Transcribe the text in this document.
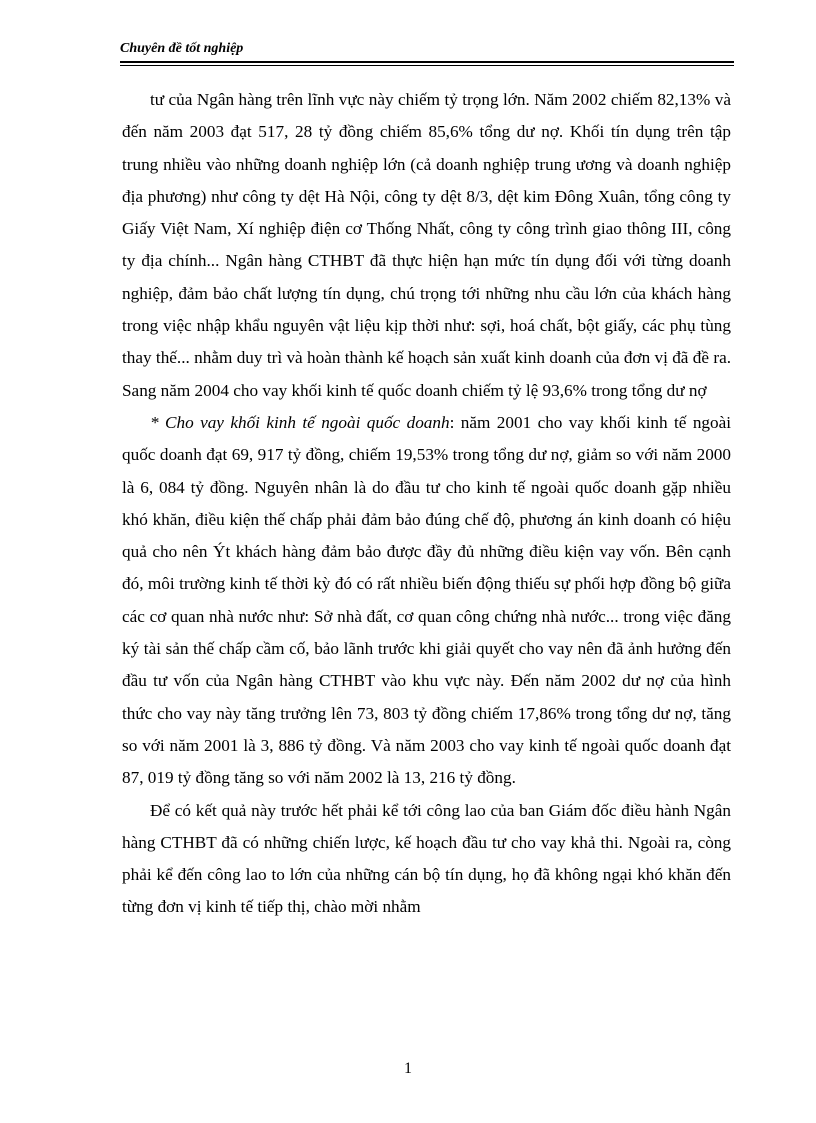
Chuyên đề tốt nghiệp

tư của Ngân hàng trên lĩnh vực này chiếm tỷ trọng lớn. Năm 2002 chiếm 82,13% và đến năm 2003 đạt 517, 28 tỷ đồng chiếm 85,6% tổng dư nợ. Khối tín dụng trên tập trung nhiều vào những doanh nghiệp lớn (cả doanh nghiệp trung ương và doanh nghiệp địa phương) như công ty dệt Hà Nội, công ty dệt 8/3, dệt kim Đông Xuân, tổng công ty Giấy Việt Nam, Xí nghiệp điện cơ Thống Nhất, công ty công trình giao thông III, công ty địa chính... Ngân hàng CTHBT đã thực hiện hạn mức tín dụng đối với từng doanh nghiệp, đảm bảo chất lượng tín dụng, chú trọng tới những nhu cầu lớn của khách hàng trong việc nhập khẩu nguyên vật liệu kịp thời như: sợi, hoá chất, bột giấy, các phụ tùng thay thế... nhằm duy trì và hoàn thành kế hoạch sản xuất kinh doanh của đơn vị đã đề ra. Sang năm 2004 cho vay khối kinh tế quốc doanh chiếm tỷ lệ 93,6% trong tổng dư nợ

* Cho vay khối kinh tế ngoài quốc doanh: năm 2001 cho vay khối kinh tế ngoài quốc doanh đạt 69, 917 tỷ đồng, chiếm 19,53% trong tổng dư nợ, giảm so với năm 2000 là 6, 084 tỷ đồng. Nguyên nhân là do đầu tư cho kinh tế ngoài quốc doanh gặp nhiều khó khăn, điều kiện thế chấp phải đảm bảo đúng chế độ, phương án kinh doanh có hiệu quả cho nên Ýt khách hàng đảm bảo được đầy đủ những điều kiện vay vốn. Bên cạnh đó, môi trường kinh tế thời kỳ đó có rất nhiều biến động thiếu sự phối hợp đồng bộ giữa các cơ quan nhà nước như: Sở nhà đất, cơ quan công chứng nhà nước... trong việc đăng ký tài sản thế chấp cầm cố, bảo lãnh trước khi giải quyết cho vay nên đã ảnh hưởng đến đầu tư vốn của Ngân hàng CTHBT vào khu vực này. Đến năm 2002 dư nợ của hình thức cho vay này tăng trưởng lên 73, 803 tỷ đồng chiếm 17,86% trong tổng dư nợ, tăng so với năm 2001 là 3, 886 tỷ đồng. Và năm 2003 cho vay kinh tế ngoài quốc doanh đạt 87, 019 tỷ đồng tăng so với năm 2002 là 13, 216 tỷ đồng.

Để có kết quả này trước hết phải kể tới công lao của ban Giám đốc điều hành Ngân hàng CTHBT đã có những chiến lược, kế hoạch đầu tư cho vay khả thi. Ngoài ra, còng phải kể đến công lao to lớn của những cán bộ tín dụng, họ đã không ngại khó khăn đến từng đơn vị kinh tế tiếp thị, chào mời nhằm

1
